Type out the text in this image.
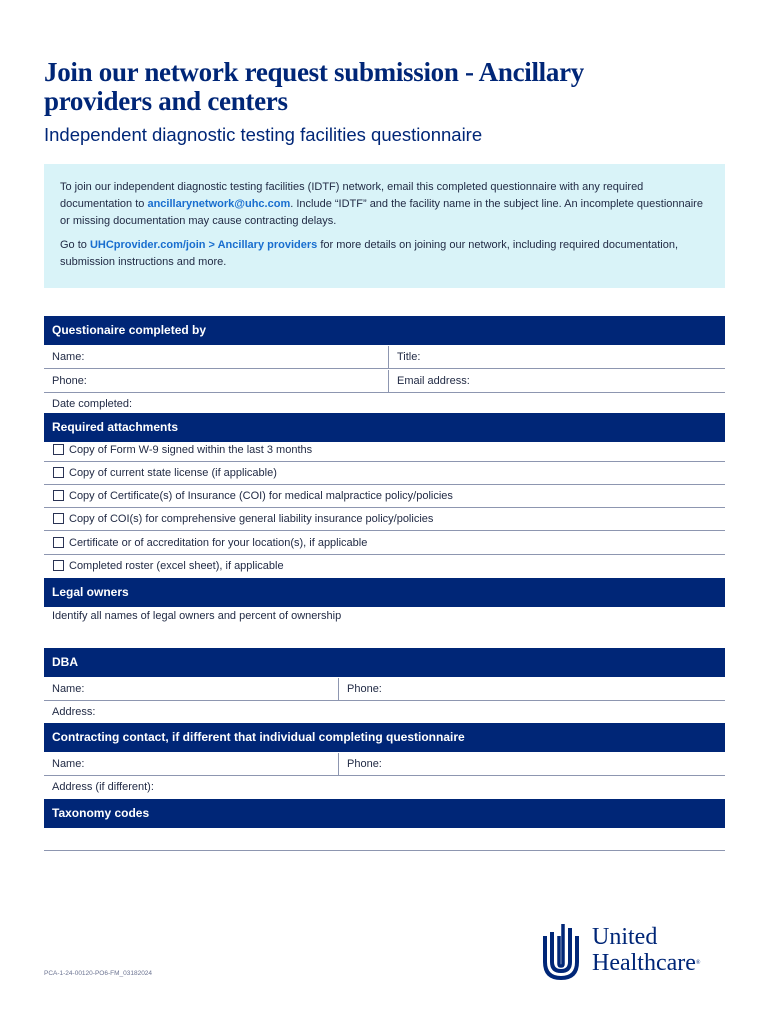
Join our network request submission - Ancillary
providers and centers
Independent diagnostic testing facilities questionnaire

To join our independent diagnostic testing facilities (IDTF) network, email this completed questionnaire with any required documentation to ancillarynetwork@uhc.com. Include “IDTF” and the facility name in the subject line. An incomplete questionnaire or missing documentation may cause contracting delays.

Go to UHCprovider.com/join > Ancillary providers for more details on joining our network, including required documentation, submission instructions and more.

Questionaire completed by
Name:	Title:
Phone:	Email address:
Date completed:
Required attachments
Copy of Form W-9 signed within the last 3 months
Copy of current state license (if applicable)
Copy of Certificate(s) of Insurance (COI) for medical malpractice policy/policies
Copy of COI(s) for comprehensive general liability insurance policy/policies
Certificate or of accreditation for your location(s), if applicable
Completed roster (excel sheet), if applicable
Legal owners
Identify all names of legal owners and percent of ownership
DBA
Name:	Phone:
Address:
Contracting contact, if different that individual completing questionnaire
Name:	Phone:
Address (if different):
Taxonomy codes
PCA-1-24-00120-PO6-FM_03182024
United
Healthcare®
